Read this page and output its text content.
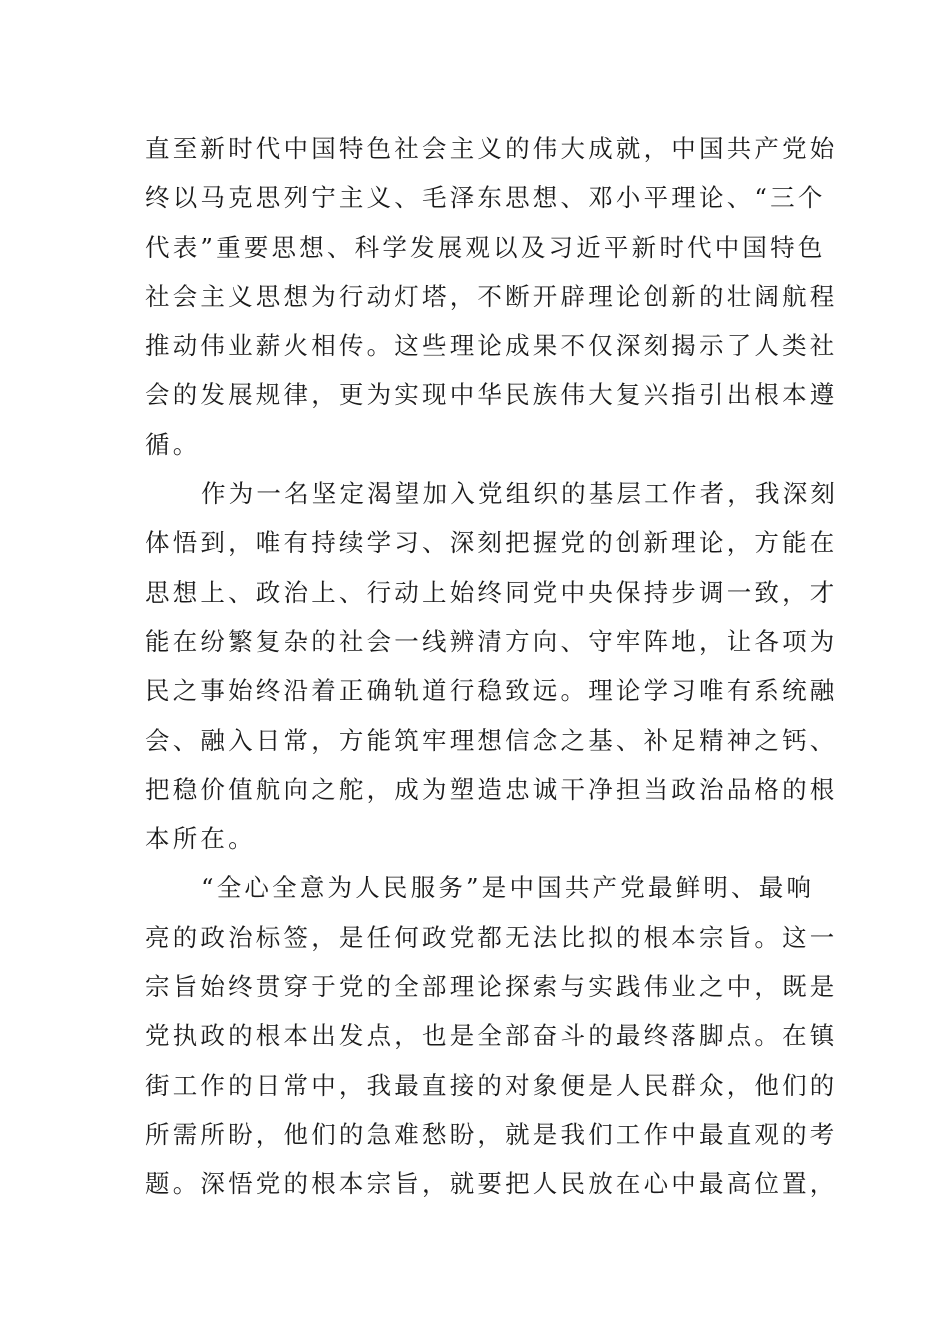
直至新时代中国特色社会主义的伟大成就，中国共产党始
终以马克思列宁主义、毛泽东思想、邓小平理论、“三个
代表”重要思想、科学发展观以及习近平新时代中国特色
社会主义思想为行动灯塔，不断开辟理论创新的壮阔航程
推动伟业薪火相传。这些理论成果不仅深刻揭示了人类社
会的发展规律，更为实现中华民族伟大复兴指引出根本遵
循。
作为一名坚定渴望加入党组织的基层工作者，我深刻
体悟到，唯有持续学习、深刻把握党的创新理论，方能在
思想上、政治上、行动上始终同党中央保持步调一致，才
能在纷繁复杂的社会一线辨清方向、守牢阵地，让各项为
民之事始终沿着正确轨道行稳致远。理论学习唯有系统融
会、融入日常，方能筑牢理想信念之基、补足精神之钙、
把稳价值航向之舵，成为塑造忠诚干净担当政治品格的根
本所在。
“全心全意为人民服务”是中国共产党最鲜明、最响
亮的政治标签，是任何政党都无法比拟的根本宗旨。这一
宗旨始终贯穿于党的全部理论探索与实践伟业之中，既是
党执政的根本出发点，也是全部奋斗的最终落脚点。在镇
街工作的日常中，我最直接的对象便是人民群众，他们的
所需所盼，他们的急难愁盼，就是我们工作中最直观的考
题。深悟党的根本宗旨，就要把人民放在心中最高位置，
